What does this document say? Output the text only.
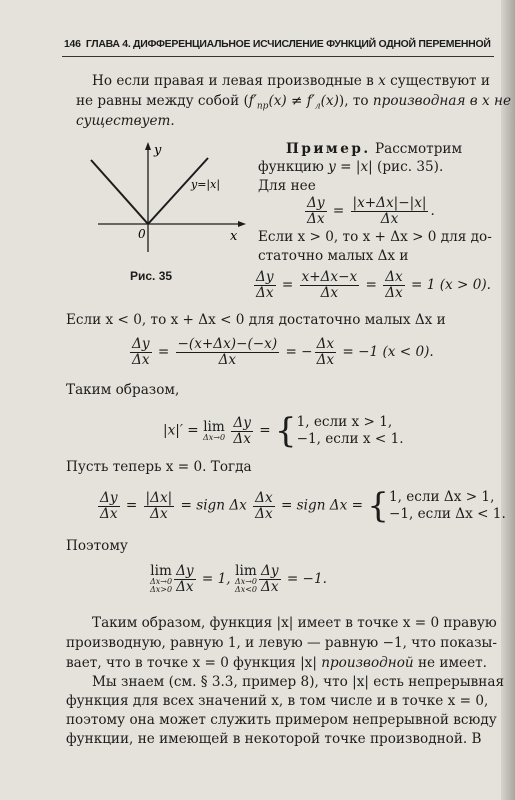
146 ГЛАВА 4. ДИФФЕРЕНЦИАЛЬНОЕ ИСЧИСЛЕНИЕ ФУНКЦИЙ ОДНОЙ ПЕРЕМЕННОЙ
Но если правая и левая производные в x существуют и
не равны между собой $(f'_{пр}(x) \ne f'_л(x))$, то производная в x не
существует.
y
x
0
y=|x|
Рис. 35
Пример. Рассмотрим
функцию y = |x| (рис. 35).
Для нее
$\frac{\Delta y}{\Delta x} = \frac{|x+\Delta x|-|x|}{\Delta x}$ .
Если x > 0, то x + Δx > 0 для до-
статочно малых Δx и
$\frac{\Delta y}{\Delta x} = \frac{x+\Delta x-x}{\Delta x} = \frac{\Delta x}{\Delta x} = 1$ (x > 0).
Если x < 0, то x + Δx < 0 для достаточно малых Δx и
$\frac{\Delta y}{\Delta x} = \frac{-(x+\Delta x)-(-x)}{\Delta x}$ = − $\frac{\Delta x}{\Delta x} = -1$ (x < 0).
Таким образом,
|x|′ = lim
Δx→0
$\frac{\Delta y}{\Delta x}$ = { 1, если x > 1,
−1, если x < 1.
Пусть теперь x = 0. Тогда
$\frac{\Delta y}{\Delta x} = \frac{|\Delta x|}{\Delta x}$ = sign Δx $\frac{\Delta x}{\Delta x}$ = sign Δx = { 1, если Δx > 1,
−1, если Δx < 1.
Поэтому
lim
Δx→0
$\Delta x>0 \frac{\Delta y}{\Delta x} = 1$, lim
Δx→0
$\Delta x<0 \frac{\Delta y}{\Delta x} = -1$.
Таким образом, функция |x| имеет в точке x = 0 правую
производную, равную 1, и левую — равную −1, что показы-
вает, что в точке x = 0 функция |x| производной не имеет.
Мы знаем (см. § 3.3, пример 8), что |x| есть непрерывная
функция для всех значений x, в том числе и в точке x = 0,
поэтому она может служить примером непрерывной всюду
функции, не имеющей в некоторой точке производной. В
